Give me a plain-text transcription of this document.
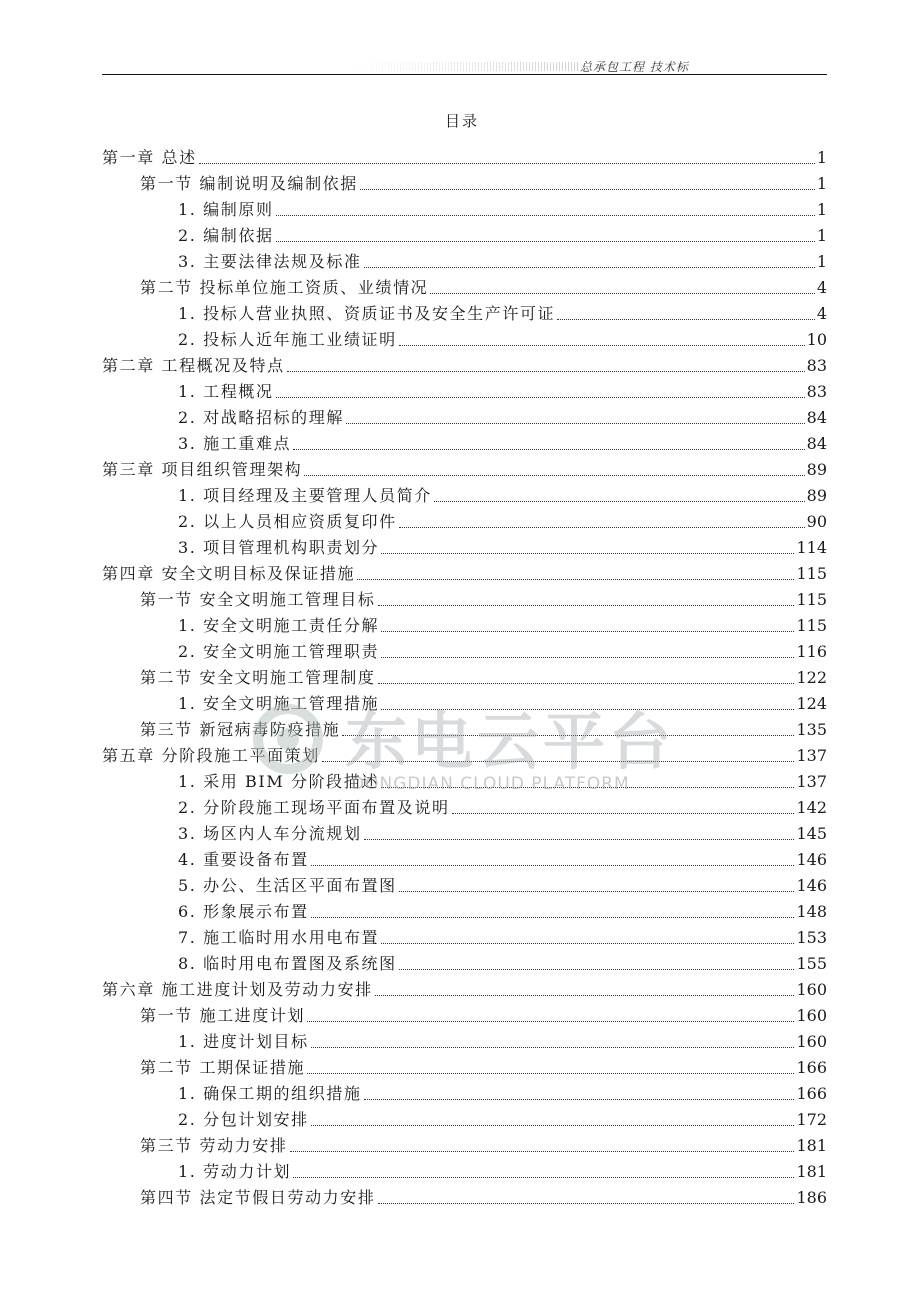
总承包工程 技术标
目录
第一章 总述	1
第一节 编制说明及编制依据	1
1. 编制原则	1
2. 编制依据	1
3. 主要法律法规及标准	1
第二节 投标单位施工资质、业绩情况	4
1. 投标人营业执照、资质证书及安全生产许可证	4
2. 投标人近年施工业绩证明	10
第二章 工程概况及特点	83
1. 工程概况	83
2. 对战略招标的理解	84
3. 施工重难点	84
第三章 项目组织管理架构	89
1. 项目经理及主要管理人员简介	89
2. 以上人员相应资质复印件	90
3. 项目管理机构职责划分	114
第四章 安全文明目标及保证措施	115
第一节 安全文明施工管理目标	115
1. 安全文明施工责任分解	115
2. 安全文明施工管理职责	116
第二节 安全文明施工管理制度	122
1. 安全文明施工管理措施	124
第三节 新冠病毒防疫措施	135
第五章 分阶段施工平面策划	137
1. 采用 BIM 分阶段描述	137
2. 分阶段施工现场平面布置及说明	142
3. 场区内人车分流规划	145
4. 重要设备布置	146
5. 办公、生活区平面布置图	146
6. 形象展示布置	148
7. 施工临时用水用电布置	153
8. 临时用电布置图及系统图	155
第六章 施工进度计划及劳动力安排	160
第一节 施工进度计划	160
1. 进度计划目标	160
第二节 工期保证措施	166
1. 确保工期的组织措施	166
2. 分包计划安排	172
第三节 劳动力安排	181
1. 劳动力计划	181
第四节 法定节假日劳动力安排	186
东电云平台
DONGDIAN CLOUD PLATFORM
